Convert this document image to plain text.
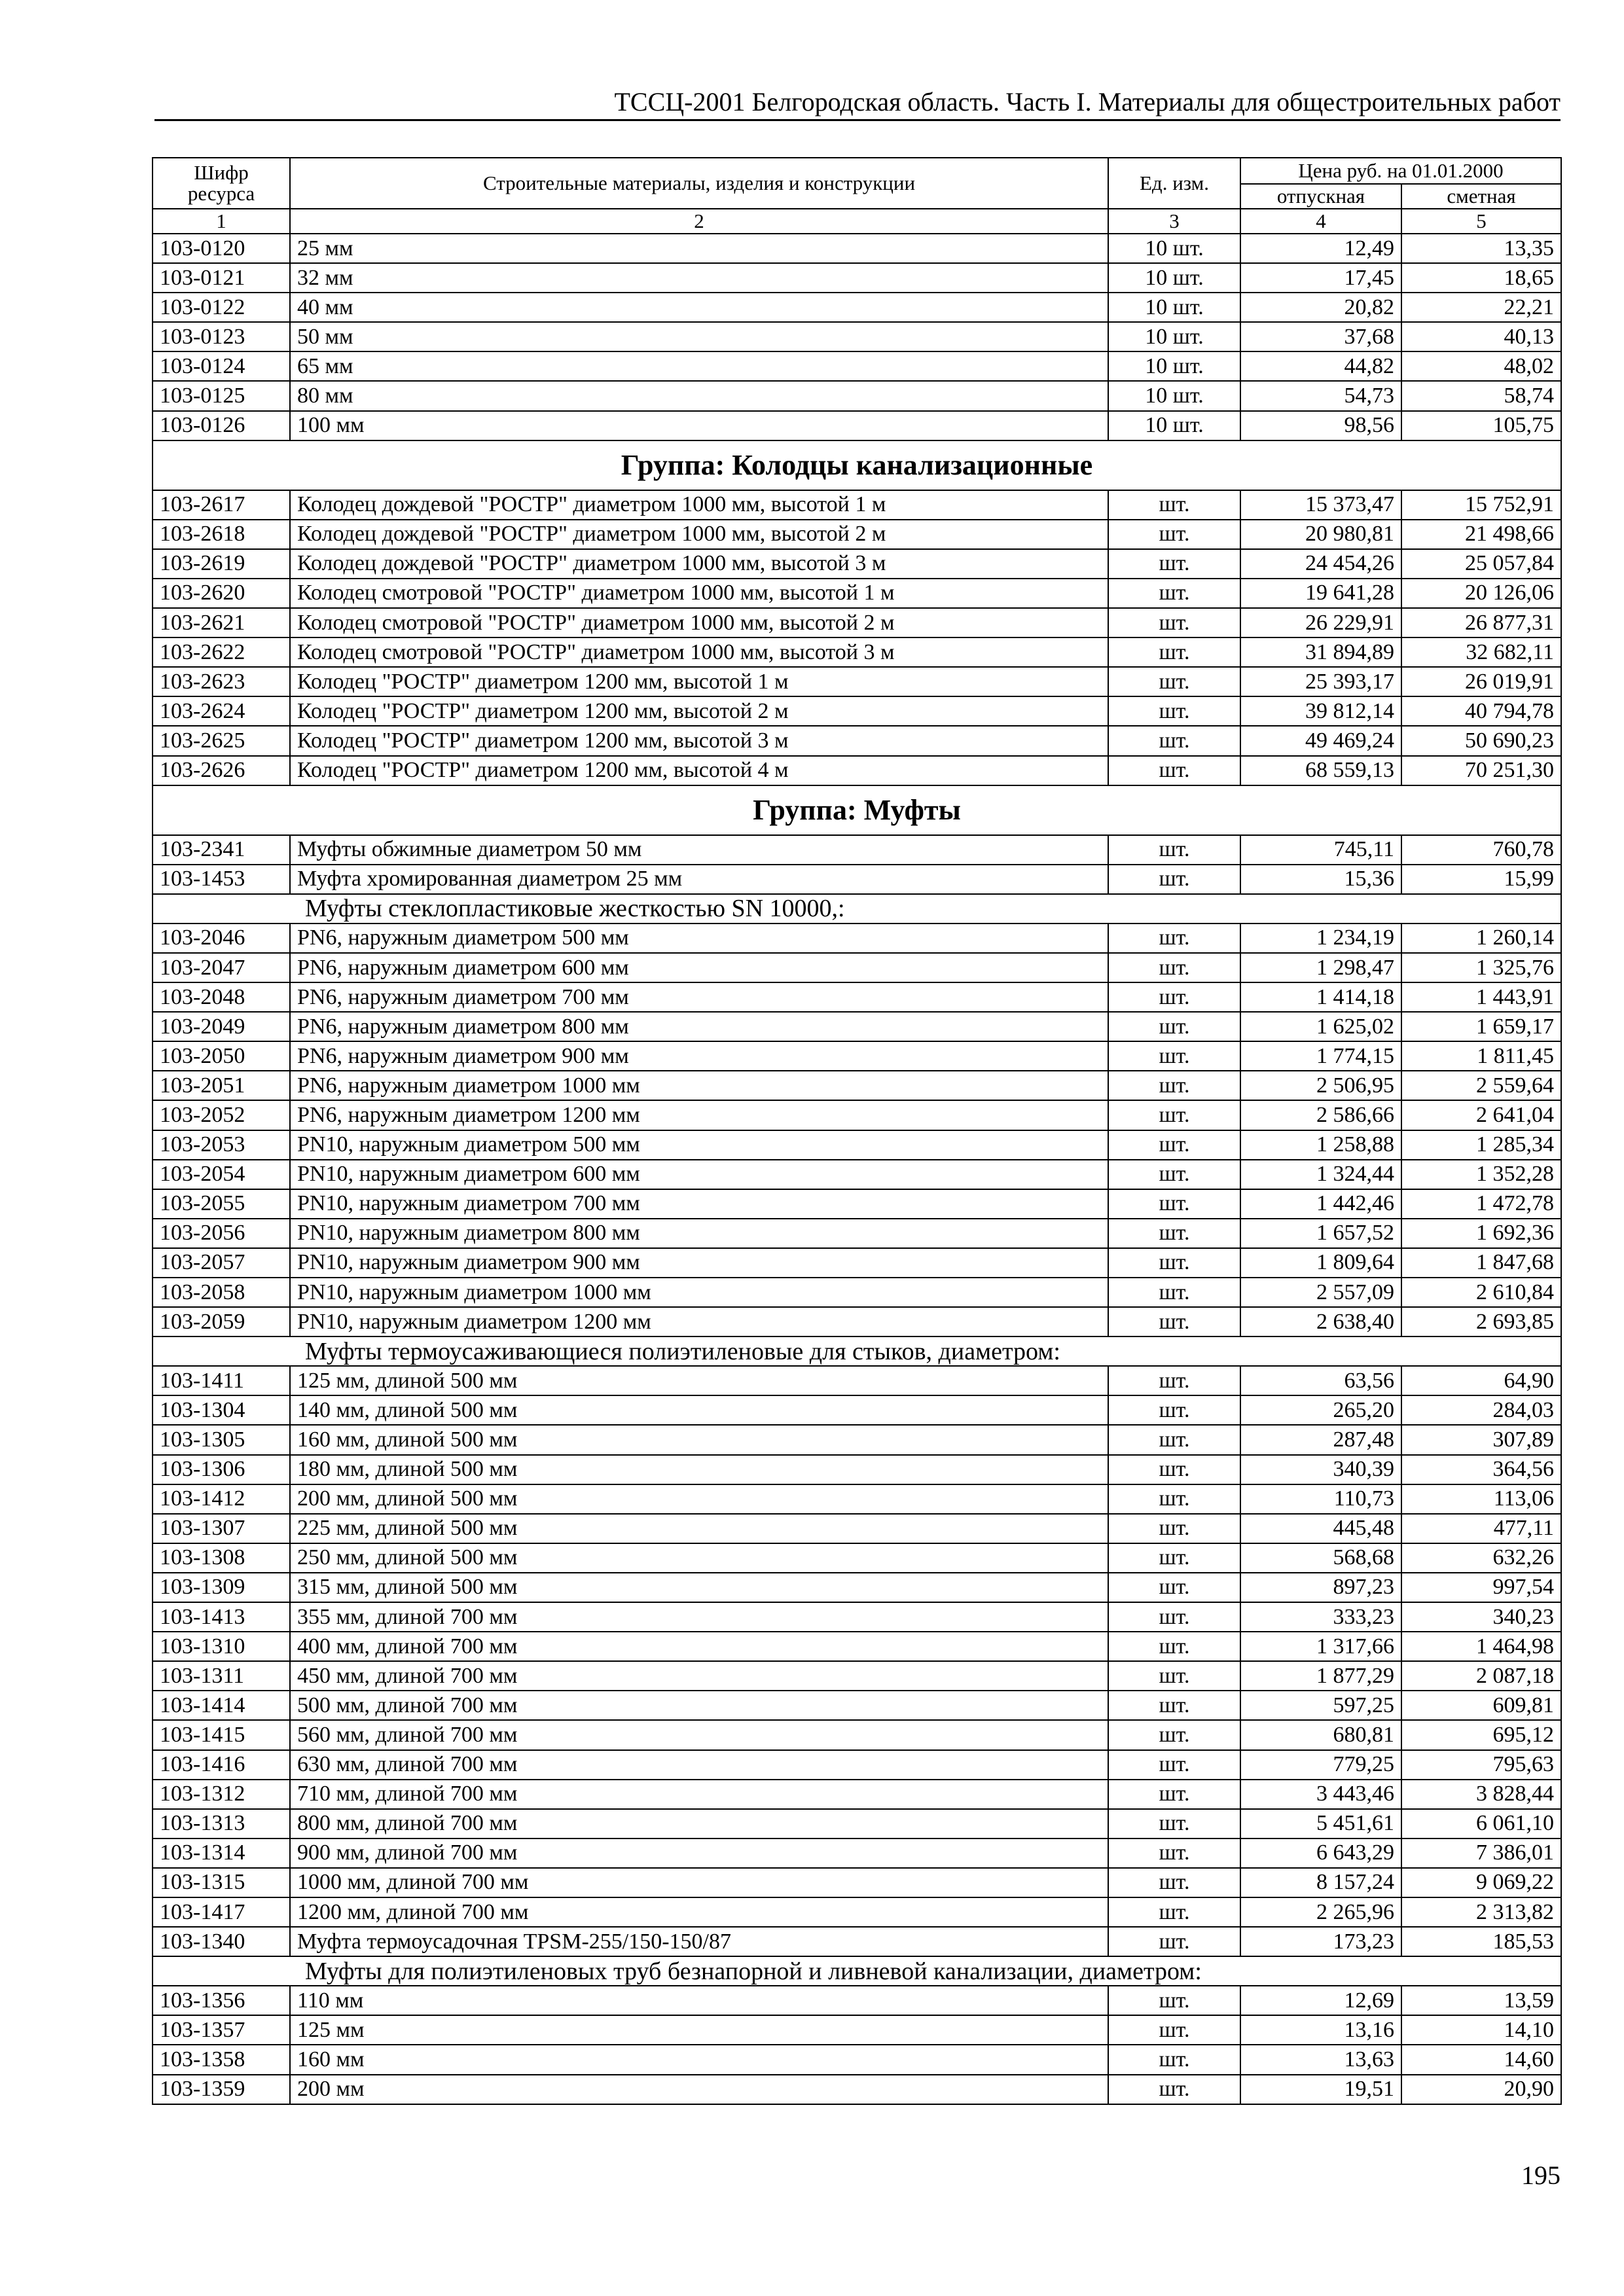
ТССЦ-2001 Белгородская область. Часть I. Материалы для общестроительных работ
Шифр ресурса	Строительные материалы, изделия и конструкции	Ед. изм.	Цена руб. на 01.01.2000	
			отпускная	сметная
1	2	3	4	5
103-0120	25 мм	10 шт.	12,49	13,35
103-0121	32 мм	10 шт.	17,45	18,65
103-0122	40 мм	10 шт.	20,82	22,21
103-0123	50 мм	10 шт.	37,68	40,13
103-0124	65 мм	10 шт.	44,82	48,02
103-0125	80 мм	10 шт.	54,73	58,74
103-0126	100 мм	10 шт.	98,56	105,75
Группа: Колодцы канализационные				
103-2617	Колодец дождевой "РОСТР" диаметром 1000 мм, высотой 1 м	шт.	15 373,47	15 752,91
103-2618	Колодец дождевой "РОСТР" диаметром 1000 мм, высотой 2 м	шт.	20 980,81	21 498,66
103-2619	Колодец дождевой "РОСТР" диаметром 1000 мм, высотой 3 м	шт.	24 454,26	25 057,84
103-2620	Колодец смотровой "РОСТР" диаметром 1000 мм, высотой 1 м	шт.	19 641,28	20 126,06
103-2621	Колодец смотровой "РОСТР" диаметром 1000 мм, высотой 2 м	шт.	26 229,91	26 877,31
103-2622	Колодец смотровой "РОСТР" диаметром 1000 мм, высотой 3 м	шт.	31 894,89	32 682,11
103-2623	Колодец "РОСТР" диаметром 1200 мм, высотой 1 м	шт.	25 393,17	26 019,91
103-2624	Колодец "РОСТР" диаметром 1200 мм, высотой 2 м	шт.	39 812,14	40 794,78
103-2625	Колодец "РОСТР" диаметром 1200 мм, высотой 3 м	шт.	49 469,24	50 690,23
103-2626	Колодец "РОСТР" диаметром 1200 мм, высотой 4 м	шт.	68 559,13	70 251,30
Группа: Муфты				
103-2341	Муфты обжимные диаметром 50 мм	шт.	745,11	760,78
103-1453	Муфта хромированная диаметром 25 мм	шт.	15,36	15,99
Муфты стеклопластиковые жесткостью SN 10000,:				
103-2046	PN6, наружным диаметром 500 мм	шт.	1 234,19	1 260,14
103-2047	PN6, наружным диаметром 600 мм	шт.	1 298,47	1 325,76
103-2048	PN6, наружным диаметром 700 мм	шт.	1 414,18	1 443,91
103-2049	PN6, наружным диаметром 800 мм	шт.	1 625,02	1 659,17
103-2050	PN6, наружным диаметром 900 мм	шт.	1 774,15	1 811,45
103-2051	PN6, наружным диаметром 1000 мм	шт.	2 506,95	2 559,64
103-2052	PN6, наружным диаметром 1200 мм	шт.	2 586,66	2 641,04
103-2053	PN10, наружным диаметром 500 мм	шт.	1 258,88	1 285,34
103-2054	PN10, наружным диаметром 600 мм	шт.	1 324,44	1 352,28
103-2055	PN10, наружным диаметром 700 мм	шт.	1 442,46	1 472,78
103-2056	PN10, наружным диаметром 800 мм	шт.	1 657,52	1 692,36
103-2057	PN10, наружным диаметром 900 мм	шт.	1 809,64	1 847,68
103-2058	PN10, наружным диаметром 1000 мм	шт.	2 557,09	2 610,84
103-2059	PN10, наружным диаметром 1200 мм	шт.	2 638,40	2 693,85
Муфты термоусаживающиеся полиэтиленовые для стыков, диаметром:				
103-1411	125 мм, длиной 500 мм	шт.	63,56	64,90
103-1304	140 мм, длиной 500 мм	шт.	265,20	284,03
103-1305	160 мм, длиной 500 мм	шт.	287,48	307,89
103-1306	180 мм, длиной 500 мм	шт.	340,39	364,56
103-1412	200 мм, длиной 500 мм	шт.	110,73	113,06
103-1307	225 мм, длиной 500 мм	шт.	445,48	477,11
103-1308	250 мм, длиной 500 мм	шт.	568,68	632,26
103-1309	315 мм, длиной 500 мм	шт.	897,23	997,54
103-1413	355 мм, длиной 700 мм	шт.	333,23	340,23
103-1310	400 мм, длиной 700 мм	шт.	1 317,66	1 464,98
103-1311	450 мм, длиной 700 мм	шт.	1 877,29	2 087,18
103-1414	500 мм, длиной 700 мм	шт.	597,25	609,81
103-1415	560 мм, длиной 700 мм	шт.	680,81	695,12
103-1416	630 мм, длиной 700 мм	шт.	779,25	795,63
103-1312	710 мм, длиной 700 мм	шт.	3 443,46	3 828,44
103-1313	800 мм, длиной 700 мм	шт.	5 451,61	6 061,10
103-1314	900 мм, длиной 700 мм	шт.	6 643,29	7 386,01
103-1315	1000 мм, длиной 700 мм	шт.	8 157,24	9 069,22
103-1417	1200 мм, длиной 700 мм	шт.	2 265,96	2 313,82
103-1340	Муфта термоусадочная TPSM-255/150-150/87	шт.	173,23	185,53
Муфты для полиэтиленовых труб безнапорной и ливневой канализации, диаметром:				
103-1356	110 мм	шт.	12,69	13,59
103-1357	125 мм	шт.	13,16	14,10
103-1358	160 мм	шт.	13,63	14,60
103-1359	200 мм	шт.	19,51	20,90
195
